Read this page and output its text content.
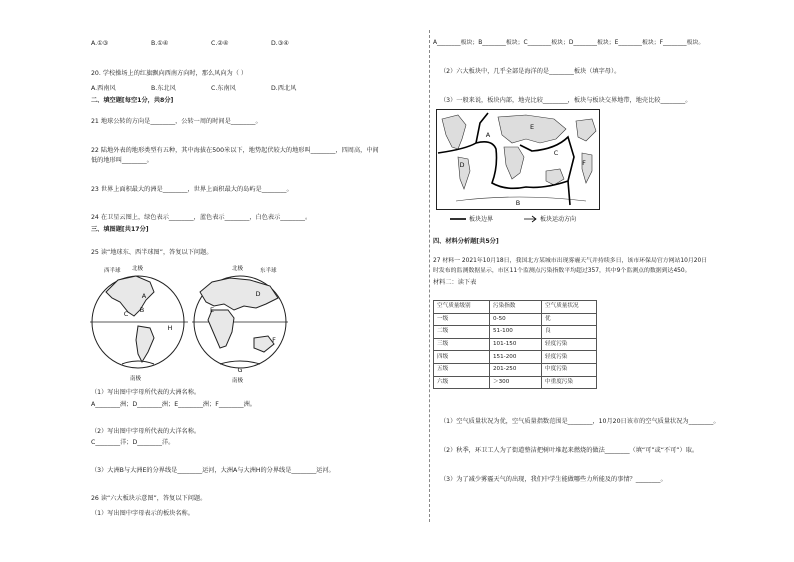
A.①③	B.①④	C.②④	D.③④
20. 学校操场上的红旗飘向西南方向时，那么风向为（ ）
A.西南风	B.东北风	C.东南风	D.西北风
二、填空题[每空1分，共8分]
21 地球公转的方向是________，公转一周的时间是________。
22 陆地外表的地形类型有五种，其中海拔在500米以下，地势起伏较大的地形叫________，四周高，中间
低的地形叫________。
23 世界上面积最大的洲是________，世界上面积最大的岛屿是________。
24 在卫星云图上，绿色表示________，蓝色表示________，白色表示________。
三、填图题[共17分]
25 读“地球东、西半球图”，答复以下问题。
A
B
C
H
D
E
F
G
西半球 北极
南极
北极	东半球
南极
（1）写出图中字母所代表的大洲名称。
A________洲；D________洲；E________洲；F________洲。
（2）写出图中字母所代表的大洋名称。
C________洋；D________洋。
（3）大洲B与大洲E的分界线是________运河，大洲A与大洲H的分界线是________运河。
26 读“六大板块示意图”，答复以下问题。
（1）写出图中字母表示的板块名称。
A________板块；B________板块；C________板块；D________板块；E________板块；F________板块。
（2）六大板块中，几乎全部是海洋的是________板块（填字母）。
（3）一般来说，板块内部，地壳比较________，板块与板块交界地带，地壳比较________。
A
B
C
D
E
F
板块边界	板块运动方向
四、材料分析题[共5分]
27 材料一 2021年10月18日，我国北方某城市出现雾霾天气并持续多日，该市环保局官方网站10月20日
时发布的监测数据显示，市区11个监测点污染指数平均超过357，其中9个监测点的数据到达450。
材料二：读下表
空气质量级别	污染指数	空气质量状况
一级	0-50	优
二级	51-100	良
三级	101-150	轻度污染
四级	151-200	轻度污染
五级	201-250	中度污染
六级	＞300	中重度污染
（1）空气质量状况为优，空气质量指数范围是________，10月20日该市的空气质量状况为________。
（2）秋季，环卫工人为了街道整洁把树叶堆起来燃烧的做法________（填“可”或“不可”）取。
（3）为了减少雾霾天气的出现，我们中学生能做哪些力所能及的事情？________。
